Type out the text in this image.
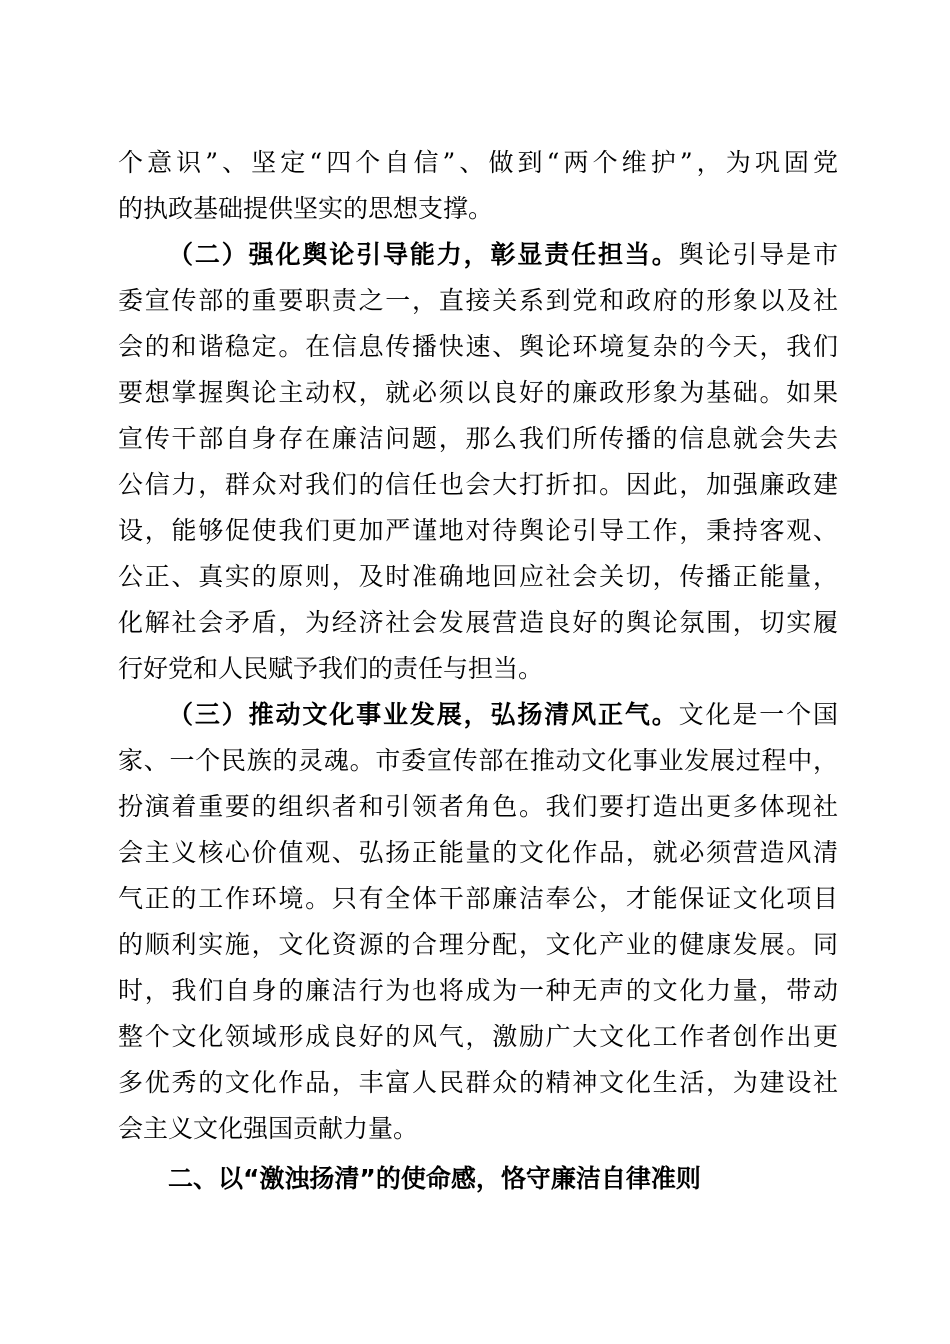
个意识”、坚定“四个自信”、做到“两个维护”，为巩固党
的执政基础提供坚实的思想支撑。
（二）强化舆论引导能力，彰显责任担当。舆论引导是市
委宣传部的重要职责之一，直接关系到党和政府的形象以及社
会的和谐稳定。在信息传播快速、舆论环境复杂的今天，我们
要想掌握舆论主动权，就必须以良好的廉政形象为基础。如果
宣传干部自身存在廉洁问题，那么我们所传播的信息就会失去
公信力，群众对我们的信任也会大打折扣。因此，加强廉政建
设，能够促使我们更加严谨地对待舆论引导工作，秉持客观、
公正、真实的原则，及时准确地回应社会关切，传播正能量，
化解社会矛盾，为经济社会发展营造良好的舆论氛围，切实履
行好党和人民赋予我们的责任与担当。
（三）推动文化事业发展，弘扬清风正气。文化是一个国
家、一个民族的灵魂。市委宣传部在推动文化事业发展过程中，
扮演着重要的组织者和引领者角色。我们要打造出更多体现社
会主义核心价值观、弘扬正能量的文化作品，就必须营造风清
气正的工作环境。只有全体干部廉洁奉公，才能保证文化项目
的顺利实施，文化资源的合理分配，文化产业的健康发展。同
时，我们自身的廉洁行为也将成为一种无声的文化力量，带动
整个文化领域形成良好的风气，激励广大文化工作者创作出更
多优秀的文化作品，丰富人民群众的精神文化生活，为建设社
会主义文化强国贡献力量。
二、以“激浊扬清”的使命感，恪守廉洁自律准则
